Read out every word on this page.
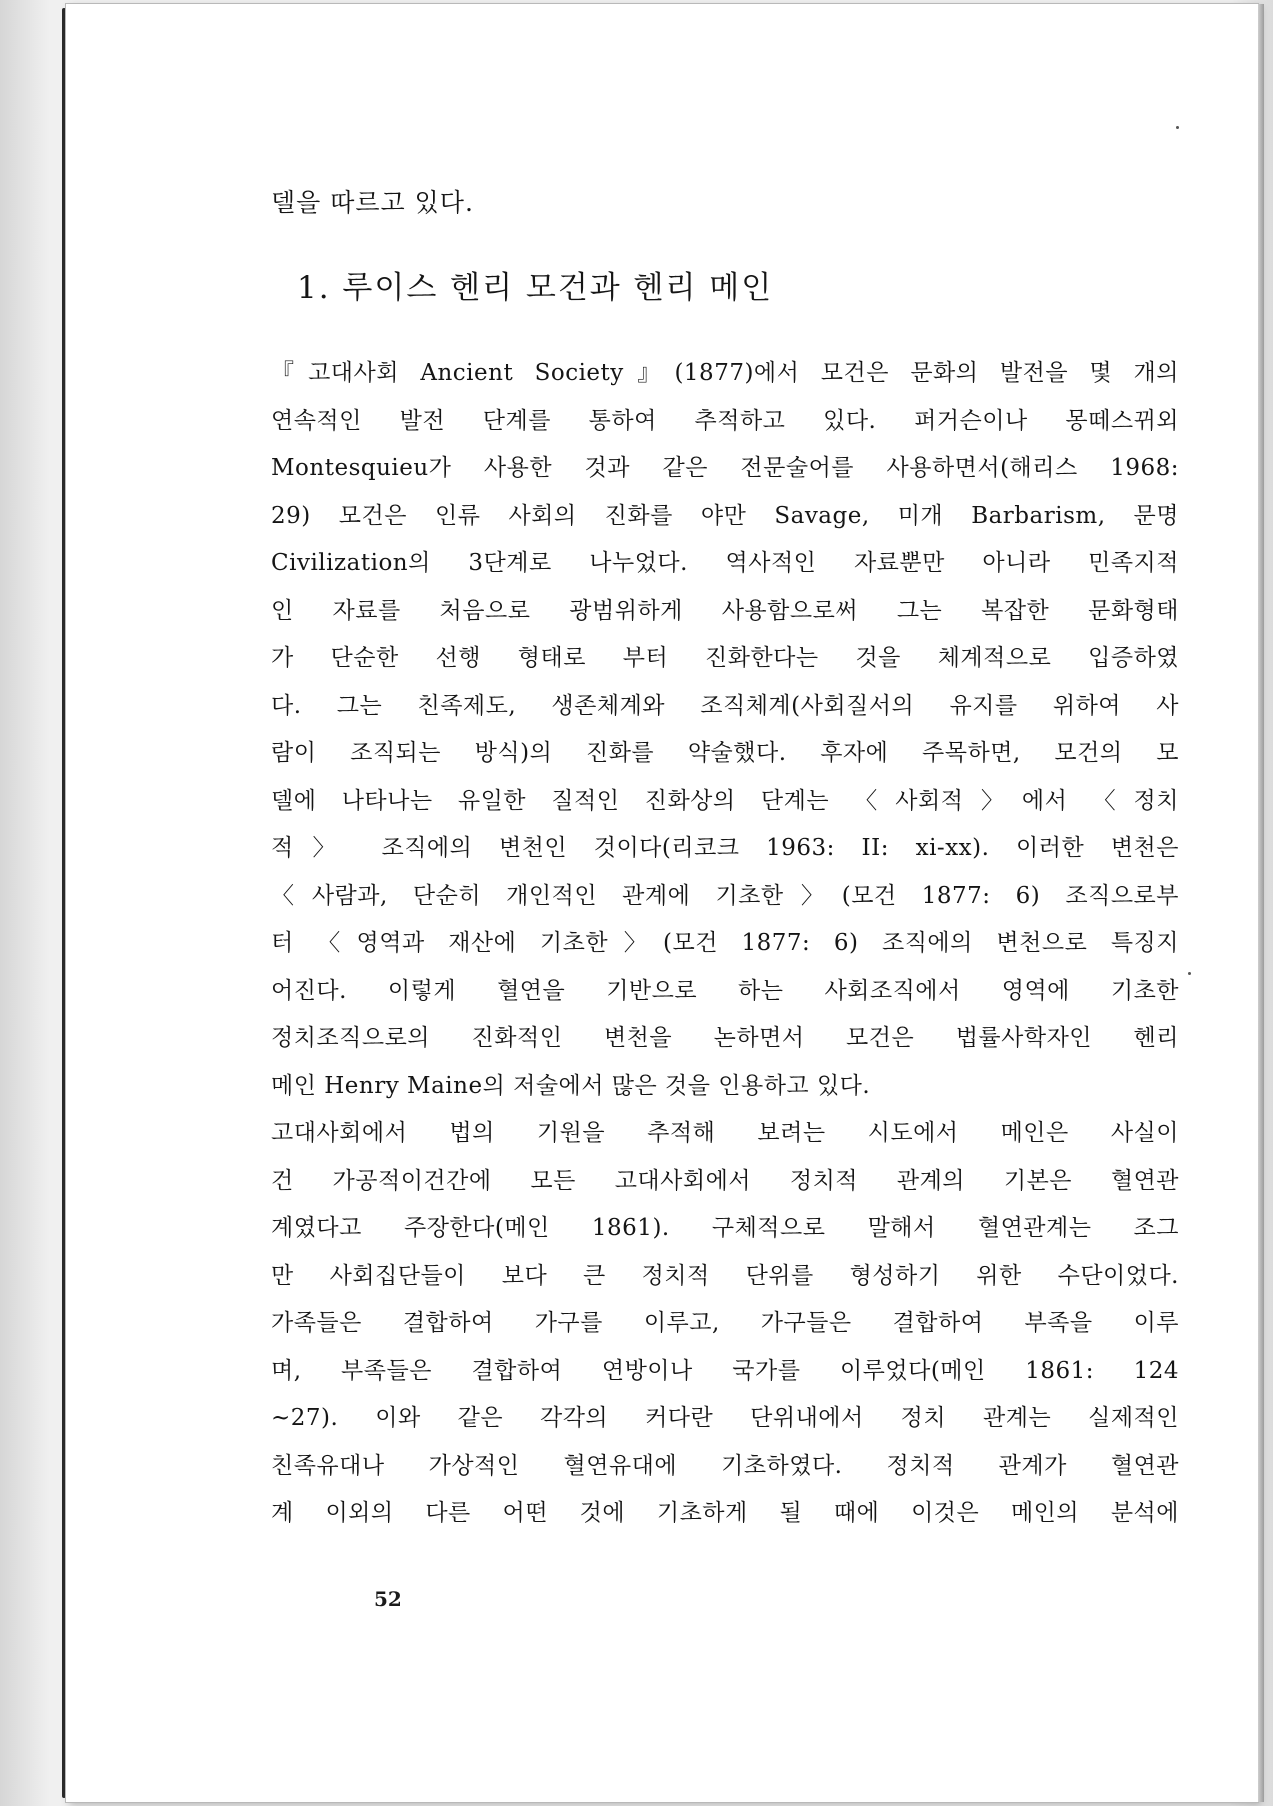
델을 따르고 있다.
1. 루이스 헨리 모건과 헨리 메인
『고대사회 Ancient Society』(1877)에서 모건은 문화의 발전을 몇 개의
연속적인 발전 단계를 통하여 추적하고 있다. 퍼거슨이나 몽떼스뀌외
Montesquieu가 사용한 것과 같은 전문술어를 사용하면서(해리스 1968:
29) 모건은 인류 사회의 진화를 야만 Savage, 미개 Barbarism, 문명
Civilization의 3단계로 나누었다. 역사적인 자료뿐만 아니라 민족지적
인 자료를 처음으로 광범위하게 사용함으로써 그는 복잡한 문화형태
가 단순한 선행 형태로 부터 진화한다는 것을 체계적으로 입증하였
다. 그는 친족제도, 생존체계와 조직체계(사회질서의 유지를 위하여 사
람이 조직되는 방식)의 진화를 약술했다. 후자에 주목하면, 모건의 모
델에 나타나는 유일한 질적인 진화상의 단계는 〈사회적〉에서 〈정치
적〉 조직에의 변천인 것이다(리코크 1963: II: xi-xx). 이러한 변천은
〈사람과, 단순히 개인적인 관계에 기초한〉(모건 1877: 6) 조직으로부
터 〈영역과 재산에 기초한〉(모건 1877: 6) 조직에의 변천으로 특징지
어진다. 이렇게 혈연을 기반으로 하는 사회조직에서 영역에 기초한
정치조직으로의 진화적인 변천을 논하면서 모건은 법률사학자인 헨리
메인 Henry Maine의 저술에서 많은 것을 인용하고 있다.
고대사회에서 법의 기원을 추적해 보려는 시도에서 메인은 사실이
건 가공적이건간에 모든 고대사회에서 정치적 관계의 기본은 혈연관
계였다고 주장한다(메인 1861). 구체적으로 말해서 혈연관계는 조그
만 사회집단들이 보다 큰 정치적 단위를 형성하기 위한 수단이었다.
가족들은 결합하여 가구를 이루고, 가구들은 결합하여 부족을 이루
며, 부족들은 결합하여 연방이나 국가를 이루었다(메인 1861: 124
~27). 이와 같은 각각의 커다란 단위내에서 정치 관계는 실제적인
친족유대나 가상적인 혈연유대에 기초하였다. 정치적 관계가 혈연관
계 이외의 다른 어떤 것에 기초하게 될 때에 이것은 메인의 분석에
52
